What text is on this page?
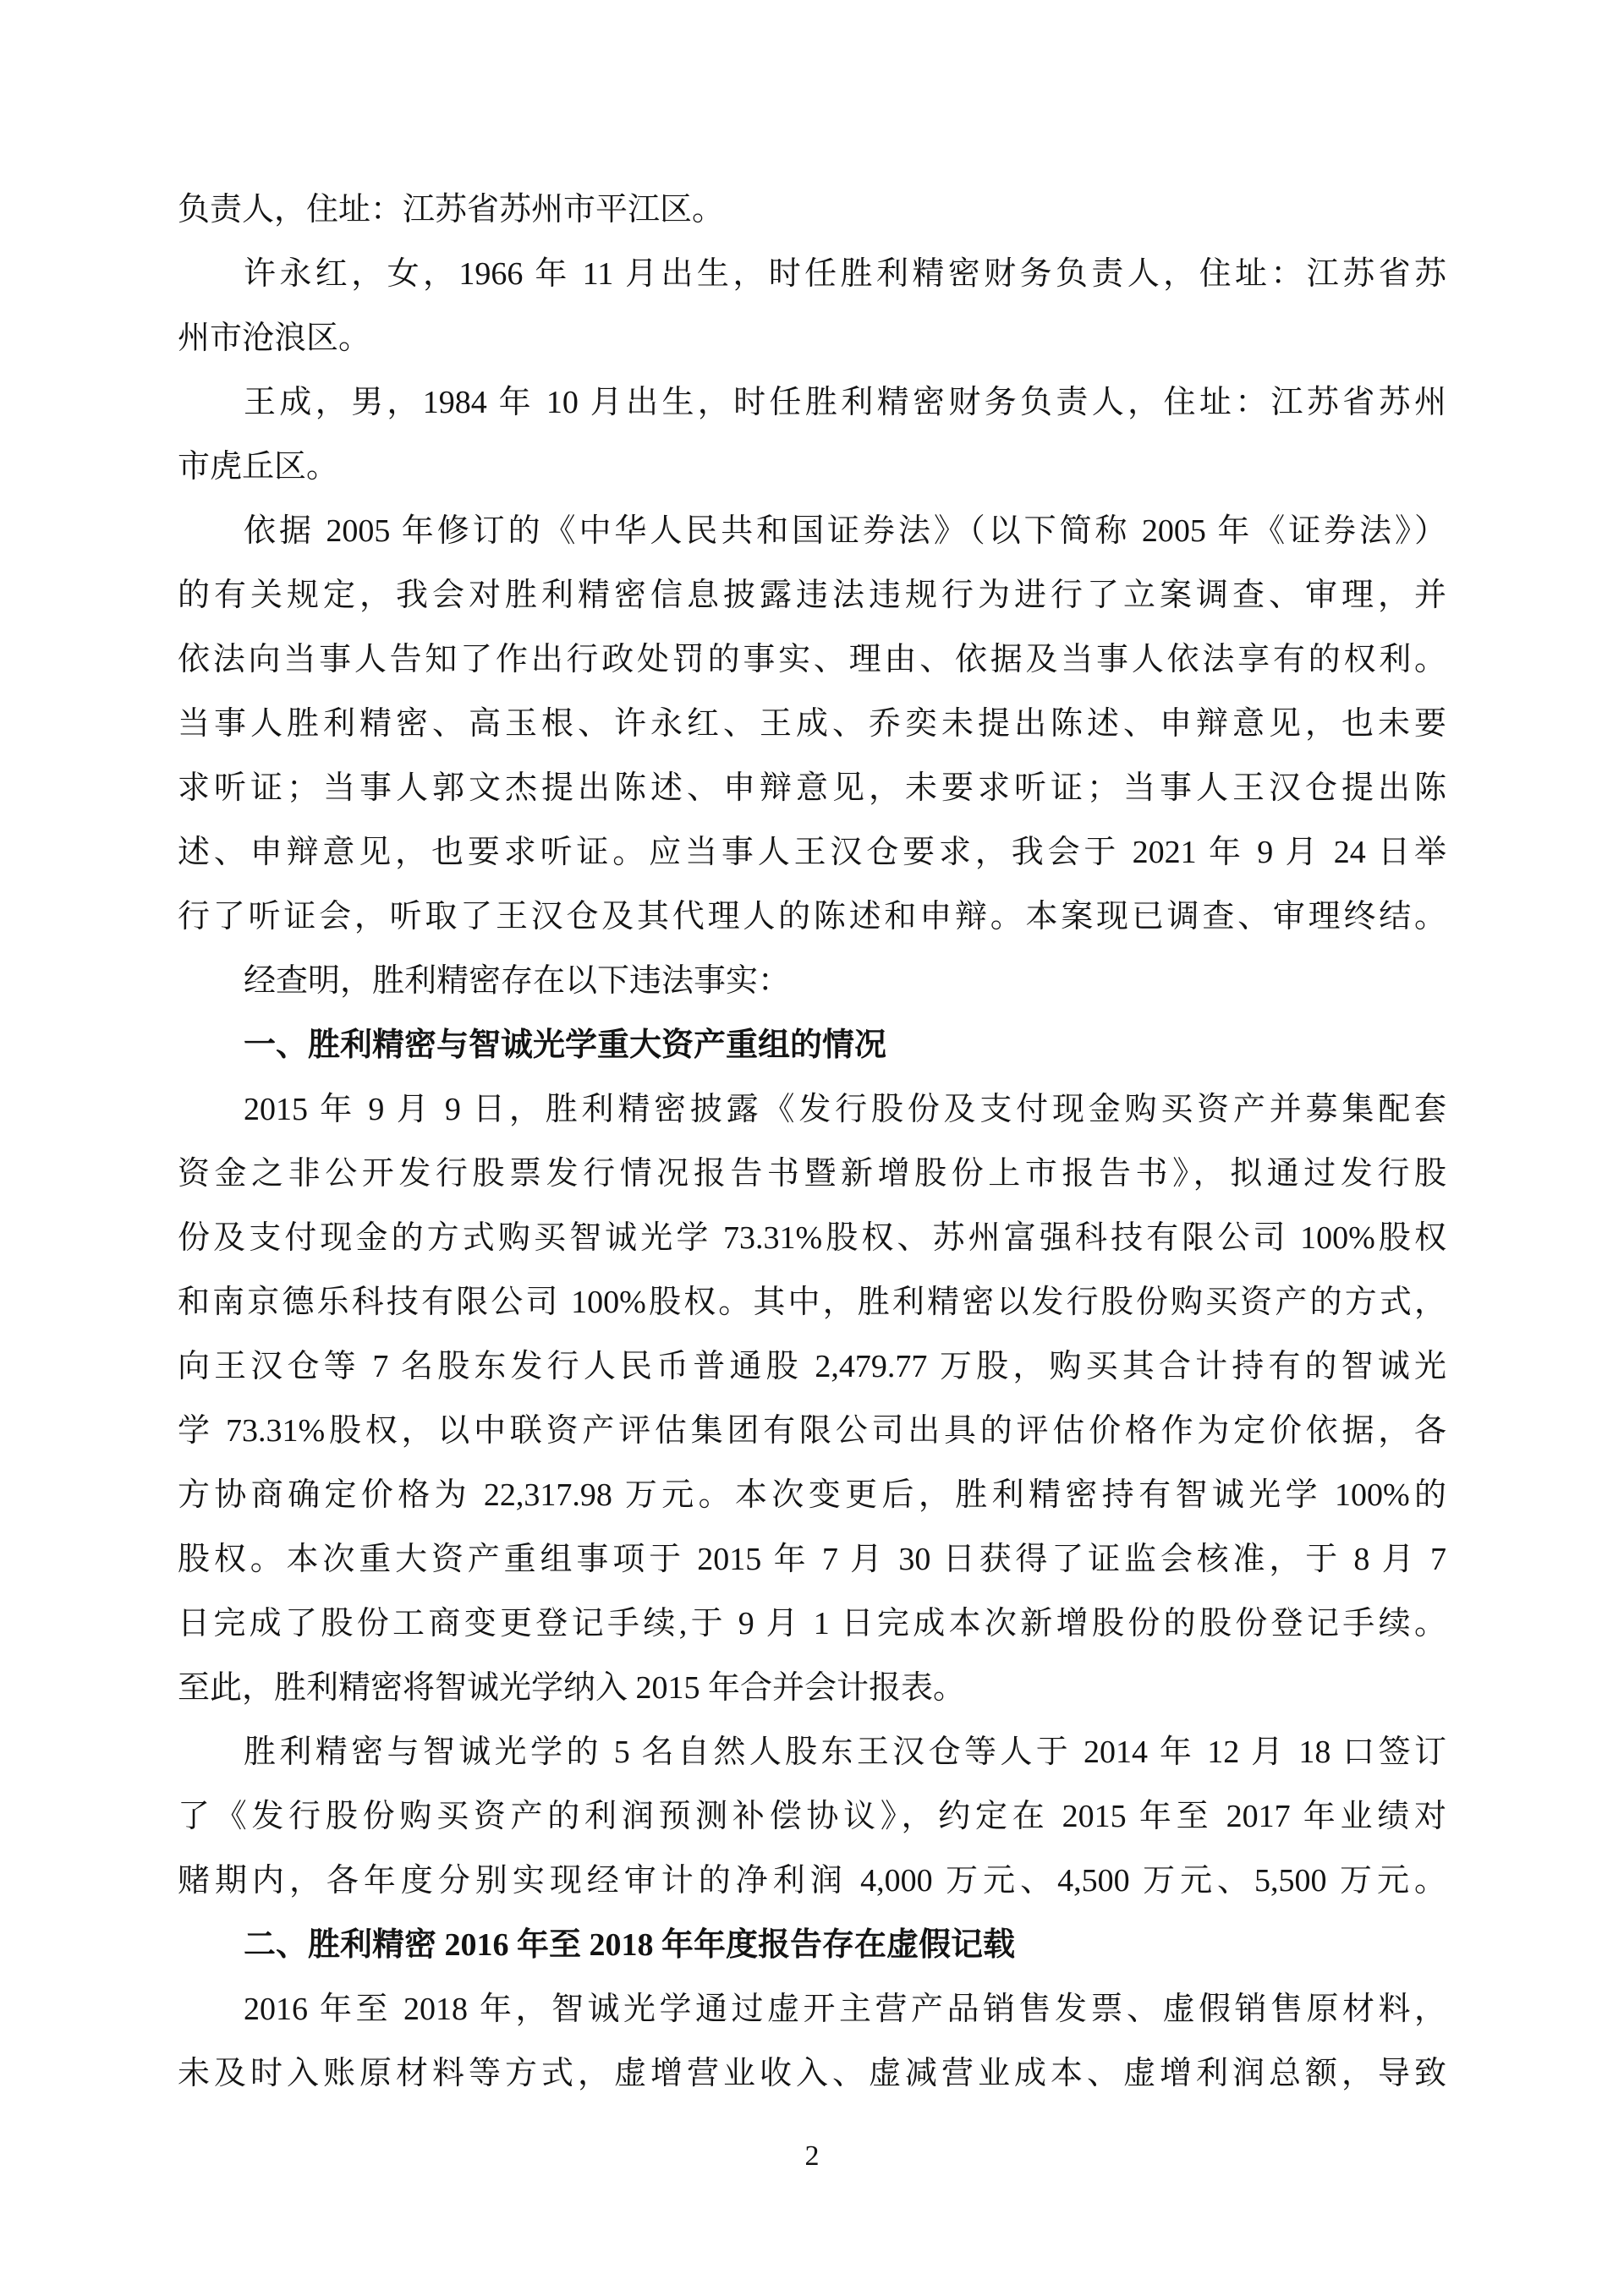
负责人，住址：江苏省苏州市平江区。
许永红，女，1966 年 11 月出生，时任胜利精密财务负责人，住址：江苏省苏
州市沧浪区。
王成，男，1984 年 10 月出生，时任胜利精密财务负责人，住址：江苏省苏州
市虎丘区。
依据 2005 年修订的《中华人民共和国证券法》（以下简称 2005 年《证券法》）
的有关规定，我会对胜利精密信息披露违法违规行为进行了立案调查、审理，并
依法向当事人告知了作出行政处罚的事实、理由、依据及当事人依法享有的权利。
当事人胜利精密、高玉根、许永红、王成、乔奕未提出陈述、申辩意见，也未要
求听证；当事人郭文杰提出陈述、申辩意见，未要求听证；当事人王汉仓提出陈
述、申辩意见，也要求听证。应当事人王汉仓要求，我会于 2021 年 9 月 24 日举
行了听证会，听取了王汉仓及其代理人的陈述和申辩。本案现已调查、审理终结。
经查明，胜利精密存在以下违法事实：
一、胜利精密与智诚光学重大资产重组的情况
2015 年 9 月 9 日，胜利精密披露《发行股份及支付现金购买资产并募集配套
资金之非公开发行股票发行情况报告书暨新增股份上市报告书》，拟通过发行股
份及支付现金的方式购买智诚光学 73.31%股权、苏州富强科技有限公司 100%股权
和南京德乐科技有限公司 100%股权。其中，胜利精密以发行股份购买资产的方式，
向王汉仓等 7 名股东发行人民币普通股 2,479.77 万股，购买其合计持有的智诚光
学 73.31%股权，以中联资产评估集团有限公司出具的评估价格作为定价依据，各
方协商确定价格为 22,317.98 万元。本次变更后，胜利精密持有智诚光学 100%的
股权。本次重大资产重组事项于 2015 年 7 月 30 日获得了证监会核准，于 8 月 7
日完成了股份工商变更登记手续,于 9 月 1 日完成本次新增股份的股份登记手续。
至此，胜利精密将智诚光学纳入 2015 年合并会计报表。
胜利精密与智诚光学的 5 名自然人股东王汉仓等人于 2014 年 12 月 18 口签订
了《发行股份购买资产的利润预测补偿协议》，约定在 2015 年至 2017 年业绩对
赌期内，各年度分别实现经审计的净利润 4,000 万元、4,500 万元、5,500 万元。
二、胜利精密 2016 年至 2018 年年度报告存在虚假记载
2016 年至 2018 年，智诚光学通过虚开主营产品销售发票、虚假销售原材料，
未及时入账原材料等方式，虚增营业收入、虚减营业成本、虚增利润总额，导致
2
